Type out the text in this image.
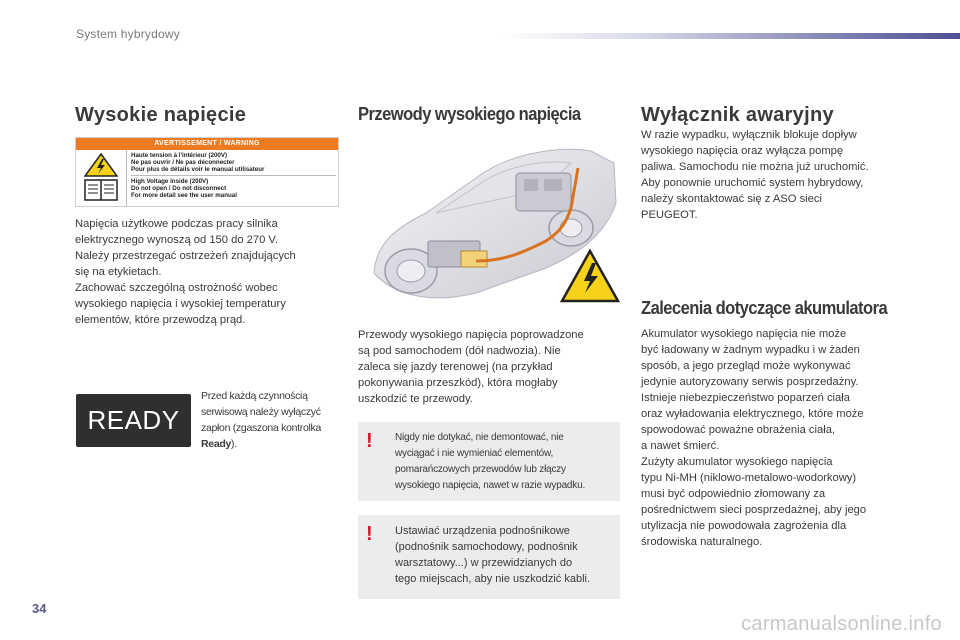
System hybrydowy
34
carmanualsonline.info
Wysokie napięcie
AVERTISSEMENT / WARNING
Haute tension à l'intérieur (200V)
Ne pas ouvrir / Ne pas déconnecter
Pour plus de détails voir le manual utilisateur
High Voltage inside (200V)
Do not open / Do not disconnect
For more detail see the user manual

Napięcia użytkowe podczas pracy silnika
elektrycznego wynoszą od 150 do 270 V.
Należy przestrzegać ostrzeżeń znajdujących
się na etykietach.
Zachować szczególną ostrożność wobec
wysokiego napięcia i wysokiej temperatury
elementów, które przewodzą prąd.

READY
Przed każdą czynnością
serwisową należy wyłączyć
zapłon (zgaszona kontrolka
Ready).
Przewody wysokiego napięcia

Przewody wysokiego napięcia poprowadzone
są pod samochodem (dół nadwozia). Nie
zaleca się jazdy terenowej (na przykład
pokonywania przeszkód), która mogłaby
uszkodzić te przewody.

! Nigdy nie dotykać, nie demontować, nie
wyciągać i nie wymieniać elementów,
pomarańczowych przewodów lub złączy
wysokiego napięcia, nawet w razie wypadku.
! Ustawiać urządzenia podnośnikowe
(podnośnik samochodowy, podnośnik
warsztatowy...) w przewidzianych do
tego miejscach, aby nie uszkodzić kabli.
Wyłącznik awaryjny

W razie wypadku, wyłącznik blokuje dopływ
wysokiego napięcia oraz wyłącza pompę
paliwa. Samochodu nie można już uruchomić.
Aby ponownie uruchomić system hybrydowy,
należy skontaktować się z ASO sieci
PEUGEOT.

Zalecenia dotyczące akumulatora

Akumulator wysokiego napięcia nie może
być ładowany w żadnym wypadku i w żaden
sposób, a jego przegląd może wykonywać
jedynie autoryzowany serwis posprzedażny.
Istnieje niebezpieczeństwo poparzeń ciała
oraz wyładowania elektrycznego, które może
spowodować poważne obrażenia ciała,
a nawet śmierć.
Zużyty akumulator wysokiego napięcia
typu Ni-MH (niklowo-metalowo-wodorkowy)
musi być odpowiednio złomowany za
pośrednictwem sieci posprzedażnej, aby jego
utylizacja nie powodowała zagrożenia dla
środowiska naturalnego.
